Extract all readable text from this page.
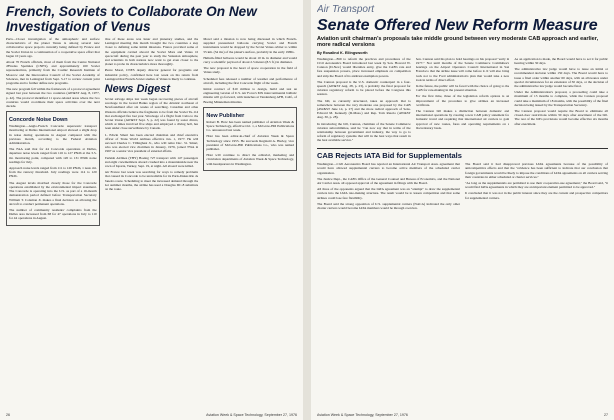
French, Soviets to Collaborate On New Investigation of Venus

Paris—Closer investigation of the atmospheric and surface characteristics of the planet Venus is among several new collaborative space projects currently being defined by France and the Soviet Union in a continuation of a cooperative space effort that began 10 years ago.

About 70 French officials, most of them from the Centre National d'Etudes Spatiales (CNES), and approximately 160 Soviet representatives, primarily from the Cosmic Research Institute of Moscow and the Intercosmos Council of the Soviet Academy of Sciences, met in Leningrad from Sept. 5-17 to review current joint programs and to further define new programs.

The new program fell within the framework of a protocol agreement signed last year between the two countries (AW&ST Aug. 8, 1977, p. 42). The protocol identified 11 space-related areas where the two countries would coordinate their space activities over the next decade.

Concorde Noise Down

Washington—Anglo-French Concorde supersonic transport monitoring at Dulles International Airport showed a slight drop in noise during operations in August compared with the previous month, according to the Federal Aviation Administration.

The FAA said that for 44 Concorde operations at Dulles, departure noise levels ranged from 116 to 127 PNdb at the 3.5-mi. monitoring point, compared with 120 to 131 PNdb noise readings for July.

Approach noise levels ranged from 111 to 120 PNdb, 1 naut. mi. from the runway threshold. July readings were 114 to 120 PNdb.

The August levels matched closely those for the Concorde operations established by the environmental impact statement. The Concorde is operating into the U.S. as part of a 16-month demonstration period defined before Transportation Secretary William T. Coleman Jr. makes a final decision on allowing the aircraft to conduct permanent operations.

The number of community residents' complaints from the Dulles area increased from 68 for 47 operations in July to 110 for 44 operations in August.

One of these areas was lunar and planetary studies, and the Leningrad meeting this month brought the two countries a step closer to defining some initial missions. France provided some of the equipment carried aboard the Soviet Mars and Venus 10 spacecraft during the past year to study the Venusian atmosphere, and scientists in both nations now want to get even closer to the planet to probe its characteristics more thoroughly.

Pierre Morel, CNES deputy director general for programs and industrial policy, confirmed here last week on his return from Leningrad that French-Soviet studies of Venus is likely to continue.

News Digest

Soviet salvage ships last week began recovering pieces of aircraft wreckage in the Grand Banks region of the Atlantic northeast of Newfoundland after six weeks of searching. Canadian and other Western officials believe the fragments to be from the Soviet Tu-114 that exchanged fire last year. Wreckage of a flight from Cuba to the Soviet Union (AW&ST Sept. 5, p. 22) was found by sonar divers, which at times involved five ships and employed a diving bell, has been under close surveillance by Canada.

L. Edwin Smart has been elected chairman and chief executive officer of Trans World Airlines effective Jan. 1, 1977. He will succeed Charles C. Tillinghast Jr., who will retire Dec. 31. Smart, who was elected vice chairman in January, 1976, joined TWA in 1967 as a senior vice president of external affairs.

Turkish Airlines (THY) Boeing 727 transport with 147 passengers and eight crewmembers aboard crashed into a mountainside near the town of Isparta, Turkey, Sept. 19, at night. All aboard were killed.

Air France last week was searching for ways to remedy problems that caused its Concorde to be unavailable for its Paris-Dakar-Rio de Janeiro route. Scheduling to meet the increased demand through the hot summer months, the airline has used a Douglas DC-8 substitute on the route.

Morel said a mission is now being discussed in which French-supplied pressurized balloons carrying Soviet and French instruments would be dropped by the Soviet Venus orbiter to within 55 km. (34 mi.) of the planet's surface, probably in the early 1980s.

Helium-filled balloons would be about 10 m. in diameter and would carry a scientific payload of about 2.5 meters (8.5 ft.) in diameter.

The new proposal is the heart of space cooperation in the field of Venus study.

Scheduled fees released a number of weather and performance of aircraft, including the first Concorde flight of the week.

Initial contract of $10 million to design, build and test an engineering version of U.S. Air Force's MX intercontinental ballistic missile will go forward, with launches at Vandenberg AFB, Calif., of Boeing Minuteman missiles.

New Publisher

Robert B. Hotz has been named publisher of Aviation Week & Space Technology, effective Oct. 1, a McGraw-Hill Publications Co. announced last week.

Hotz has been editor-in-chief of Aviation Week & Space Technology since 1955. He succeeds Reginald A. Hurley, vice president of McGraw-Hill Publications Co., who was named publisher.

Hotz will continue to direct the editorial, marketing and circulation departments of Aviation Week & Space Technology, with headquarters in Washington.

26	Aviation Week & Space Technology, September 27, 1976
Air Transport
Senate Offered New Reform Measure
Aviation unit chairman's proposals take middle ground between very moderate CAB approach and earlier, more radical versions
By Rosalind K. Ellingsworth

Washington—Bill to reform the practices and procedures of the Civil Aeronautics Board introduced last week by Sen. Howard W. Cannon (D-Nev.) would liberalize entry, give the CAB's rate and fare suspension powers, place increased emphasis on competition and strip the Board of its antitrust exemption powers.

The Cannon proposal is the U.S. domestic counterpart in a four-speech (AW&ST Aug. 28, p. 23), a probably the final proposal for aviation regulatory reform to be placed before the Congress this session.

The bill, as currently structured, takes an approach that is somewhere between the very moderate one proposed by the CAB (AW&ST June 14, p. 27) and the more radical approach of Sens. Edward M. Kennedy (D-Mass.) and Rep. Tom Ruscio (AW&ST Aug. 30, p. 28).

In introducing the bill, Cannon, chairman of the Senate Commerce aviation subcommittee, said he "can now say that in terms of the relationship between government and industry, the way to go is reform of regulatory systems that will in the best ways that result in the best available service."

Sen. Cannon said his plan to hold hearings on his proposal "early in 1977." Not until months of the Senate Commerce Committee's hearings on the Airport Operators Council International in San Francisco that the airline issue will come before it. It will also bring back not to the Ford administration's plan that would take a new look in terms of direct effect.

In the future, the public will be faced with the choice of going to the CAB for rate-making in the present situation.

For the first time, three of the legislation reform options is an improvement of the procedure to give airlines an increased certificate.

The Cannon bill makes a distinction between domestic and international operations by creating a new CAB policy statement for domestic travel and requiring that international air carriers to gain approval of new routes, fares and operating requirements on a discretionary basis.

As an application is made, the Board would have to set it for public hearing within 30 days.

The administrative law judge would have to issue an initial or recommended decision within 150 days. The Board would have to issue a final order within another 60 days, with an allowance under special circumstances for an extension of 30 days, or the decision of the administrative law judge would become final.

Under the Administration's proposal, a proceeding could take a maximum of 13 months to complete, while the Cannon proposal could take a maximum of 18 months, with the possibility of the final decision being issued by the Transportation Secretary.

The Cannon proposal would require the Board to eliminate all closed-door restrictions within 30 days after enactment of the bill. The rest of the bill's provisions would become effective six months after enactment.

CAB Rejects IATA Bid for Supplementals

Washington—Civil Aeronautics Board has rejected an International Air Transport Assn. agreement that would have allowed supplemental carriers to become active members of the scheduled carrier organization.

The Justice Dept., the CAB's Office of the General Counsel and Bureau of Economics, and the National Air Carrier Assn. all opposed approval of the agreement in filings with the Board.

All three of the opponents argued that the IATA agreement was an "attempt" to draw the supplemental carriers into the IATA rate-making structure. The result would be to lessen competition and that some airlines could lose fare flexibility.

The Board said the strong opposition of U.S. supplemental carriers (NACA) indicated the only other charter carriers would become IATA members would be through coercion.

The Board said it had disapproved previous IATA agreements because of the possibility of anticompetitive effects and that the "evidence has been sufficient to indicate that our conclusion that foreign governments would be likely to impose the conditions of IATA agreements on all carriers serving their countries in either scheduled or charter services."

"As long as the supplementals are permitted to use their cooperative-use agreement," the Board said, "it would find IATA agreements in which they are an important element permitted to be approved."

It concluded that it was not in the public interest since they are the current and prospective competitors for supplemental carriers.

Aviation Week & Space Technology, September 27, 1976	27
